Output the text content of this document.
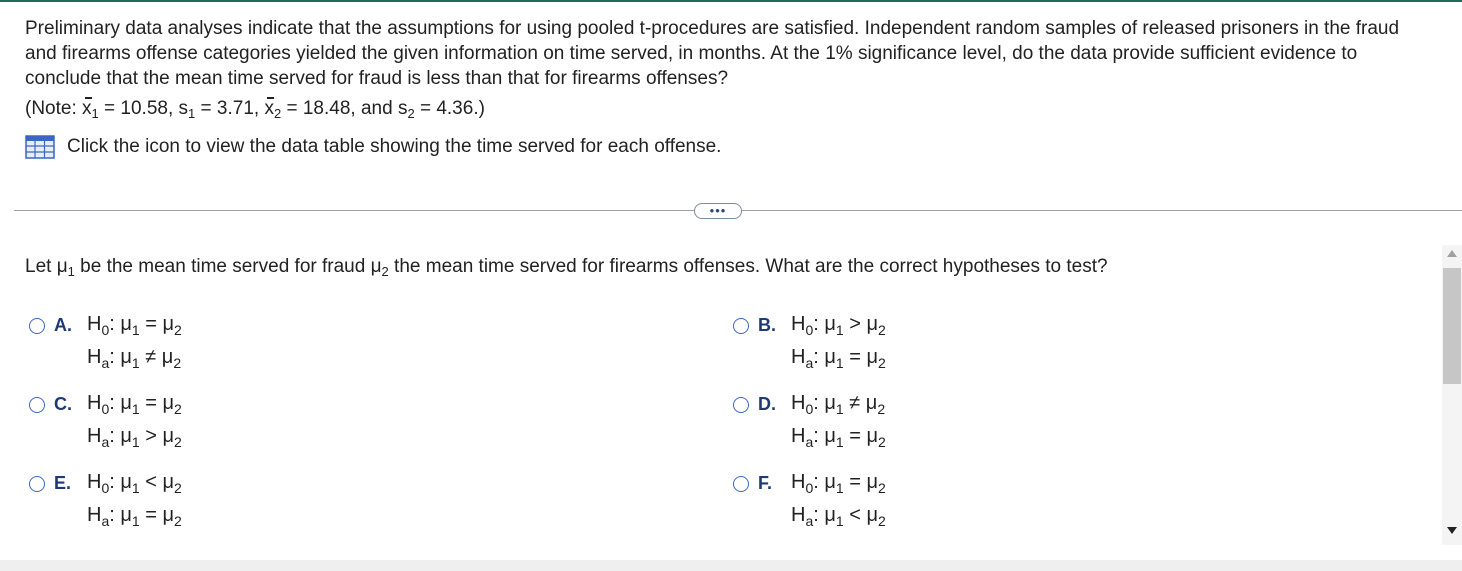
Preliminary data analyses indicate that the assumptions for using pooled t-procedures are satisfied. Independent random samples of released prisoners in the fraud and firearms offense categories yielded the given information on time served, in months. At the 1% significance level, do the data provide sufficient evidence to conclude that the mean time served for fraud is less than that for firearms offenses?
(Note: $x_1 = 10.58$, $s_1 = 3.71$, $x_2 = 18.48$, and $s_2 = 4.36$.)
Click the icon to view the data table showing the time served for each offense.
•••
Let $\mu_1$ be the mean time served for fraud $\mu_2$ the mean time served for firearms offenses. What are the correct hypotheses to test?
A. $H_0$: $\mu_1 = \mu_2$
$H_a$: $\mu_1 \ne \mu_2$
B. $H_0$: $\mu_1 > \mu_2$
$H_a$: $\mu_1 = \mu_2$
C. $H_0$: $\mu_1 = \mu_2$
$H_a$: $\mu_1 > \mu_2$
D. $H_0$: $\mu_1 \ne \mu_2$
$H_a$: $\mu_1 = \mu_2$
E. $H_0$: $\mu_1 < \mu_2$
$H_a$: $\mu_1 = \mu_2$
F. $H_0$: $\mu_1 = \mu_2$
$H_a$: $\mu_1 < \mu_2$
